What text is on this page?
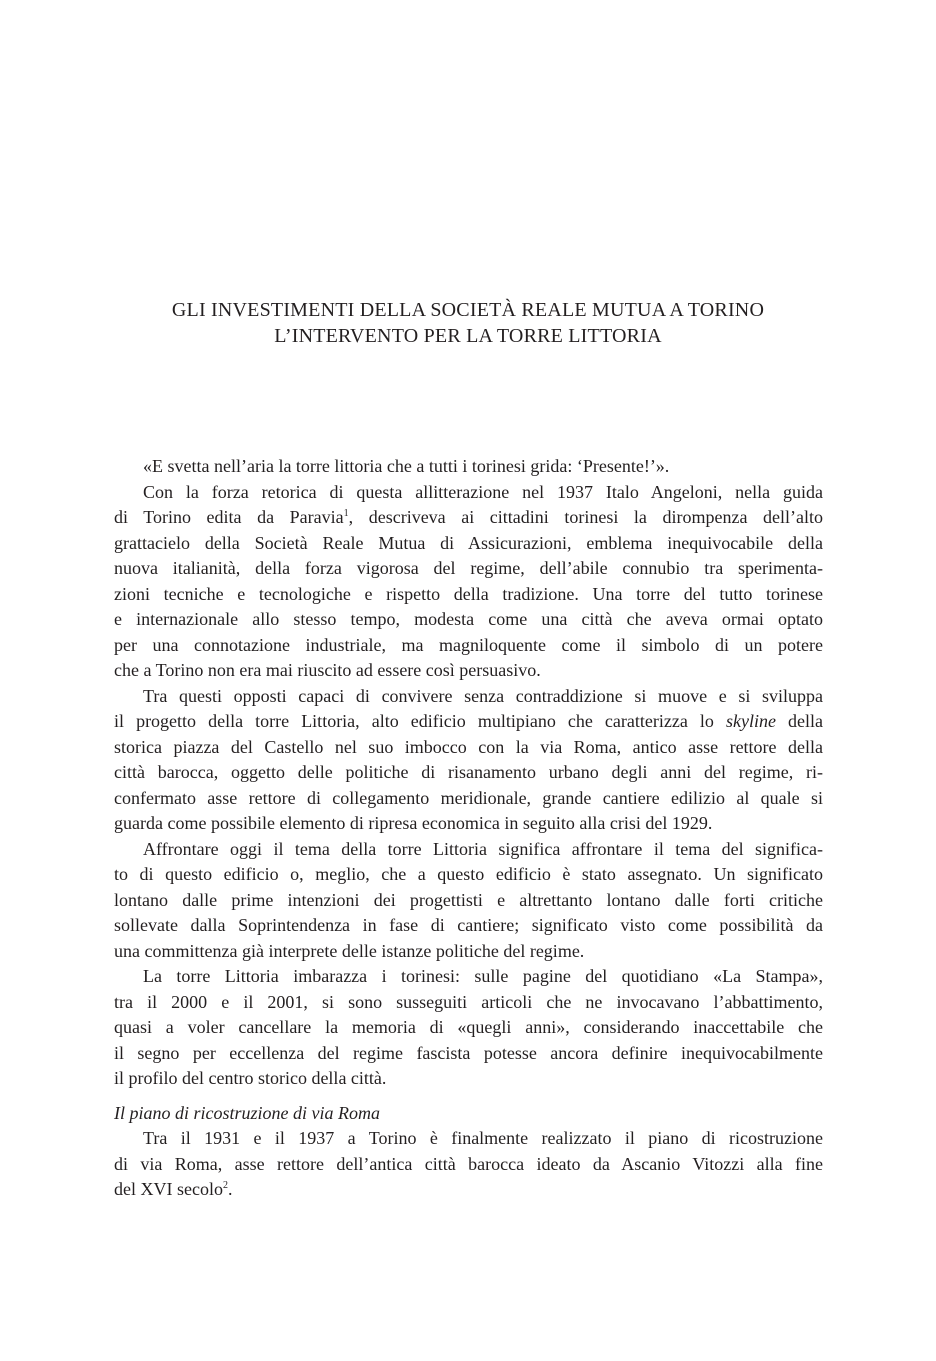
GLI INVESTIMENTI DELLA SOCIETÀ REALE MUTUA A TORINO
L’INTERVENTO PER LA TORRE LITTORIA
«E svetta nell’aria la torre littoria che a tutti i torinesi grida: ‘Presente!’».
Con la forza retorica di questa allitterazione nel 1937 Italo Angeloni, nella guida
di Torino edita da Paravia$^1$, descriveva ai cittadini torinesi la dirompenza dell’alto
grattacielo della Società Reale Mutua di Assicurazioni, emblema inequivocabile della
nuova italianità, della forza vigorosa del regime, dell’abile connubio tra sperimenta-
zioni tecniche e tecnologiche e rispetto della tradizione. Una torre del tutto torinese
e internazionale allo stesso tempo, modesta come una città che aveva ormai optato
per una connotazione industriale, ma magniloquente come il simbolo di un potere
che a Torino non era mai riuscito ad essere così persuasivo.
Tra questi opposti capaci di convivere senza contraddizione si muove e si sviluppa
il progetto della torre Littoria, alto edificio multipiano che caratterizza lo skyline della
storica piazza del Castello nel suo imbocco con la via Roma, antico asse rettore della
città barocca, oggetto delle politiche di risanamento urbano degli anni del regime, ri-
confermato asse rettore di collegamento meridionale, grande cantiere edilizio al quale si
guarda come possibile elemento di ripresa economica in seguito alla crisi del 1929.
Affrontare oggi il tema della torre Littoria significa affrontare il tema del significa-
to di questo edificio o, meglio, che a questo edificio è stato assegnato. Un significato
lontano dalle prime intenzioni dei progettisti e altrettanto lontano dalle forti critiche
sollevate dalla Soprintendenza in fase di cantiere; significato visto come possibilità da
una committenza già interprete delle istanze politiche del regime.
La torre Littoria imbarazza i torinesi: sulle pagine del quotidiano «La Stampa»,
tra il 2000 e il 2001, si sono susseguiti articoli che ne invocavano l’abbattimento,
quasi a voler cancellare la memoria di «quegli anni», considerando inaccettabile che
il segno per eccellenza del regime fascista potesse ancora definire inequivocabilmente
il profilo del centro storico della città.
Il piano di ricostruzione di via Roma
Tra il 1931 e il 1937 a Torino è finalmente realizzato il piano di ricostruzione
di via Roma, asse rettore dell’antica città barocca ideato da Ascanio Vitozzi alla fine
del XVI secolo$^2$.
